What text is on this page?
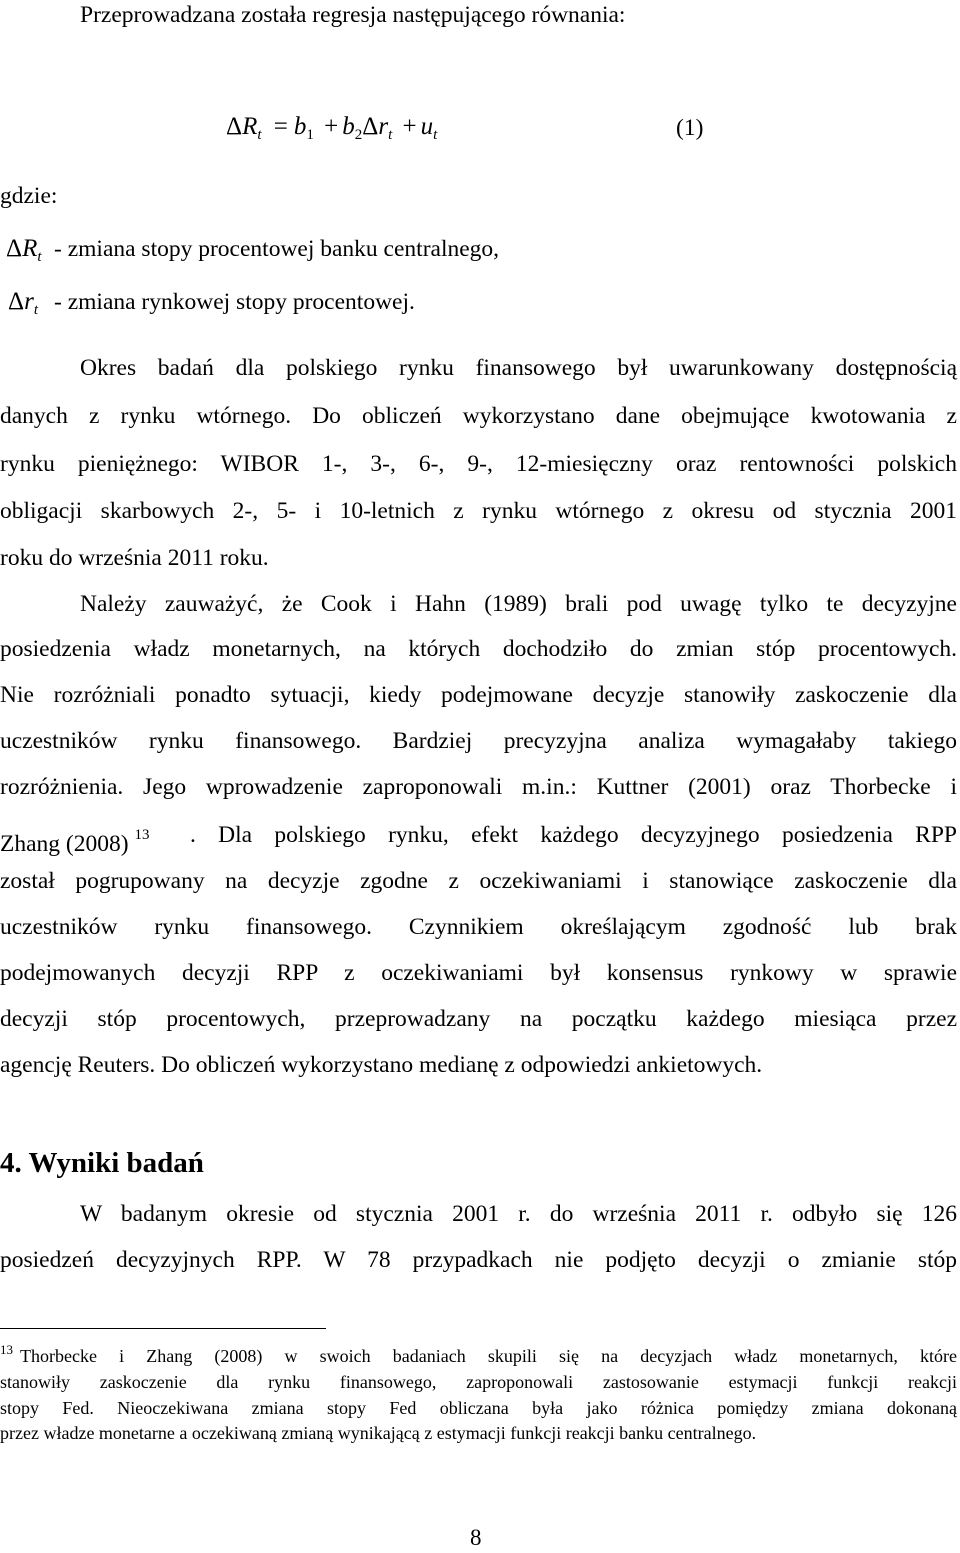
Przeprowadzana została regresja następującego równania:
$\Delta R_t = b_1 + b_2\Delta r_t + u_t$	(1)
gdzie:
$\Delta R_t$ - zmiana stopy procentowej banku centralnego,
$\Delta r_t$ - zmiana rynkowej stopy procentowej.
Okres badań dla polskiego rynku finansowego był uwarunkowany dostępnością
danych z rynku wtórnego. Do obliczeń wykorzystano dane obejmujące kwotowania z
rynku pieniężnego: WIBOR 1-, 3-, 6-, 9-, 12-miesięczny oraz rentowności polskich
obligacji skarbowych 2-, 5- i 10-letnich z rynku wtórnego z okresu od stycznia 2001
roku do września 2011 roku.
Należy zauważyć, że Cook i Hahn (1989) brali pod uwagę tylko te decyzyjne
posiedzenia władz monetarnych, na których dochodziło do zmian stóp procentowych.
Nie rozróżniali ponadto sytuacji, kiedy podejmowane decyzje stanowiły zaskoczenie dla
uczestników rynku finansowego. Bardziej precyzyjna analiza wymagałaby takiego
rozróżnienia. Jego wprowadzenie zaproponowali m.in.: Kuttner (2001) oraz Thorbecke i
Zhang (2008) $^{13}$ . Dla polskiego rynku, efekt każdego decyzyjnego posiedzenia RPP
został pogrupowany na decyzje zgodne z oczekiwaniami i stanowiące zaskoczenie dla
uczestników rynku finansowego. Czynnikiem określającym zgodność lub brak
podejmowanych decyzji RPP z oczekiwaniami był konsensus rynkowy w sprawie
decyzji stóp procentowych, przeprowadzany na początku każdego miesiąca przez
agencję Reuters. Do obliczeń wykorzystano medianę z odpowiedzi ankietowych.
4. Wyniki badań
W badanym okresie od stycznia 2001 r. do września 2011 r. odbyło się 126
posiedzeń decyzyjnych RPP. W 78 przypadkach nie podjęto decyzji o zmianie stóp
$^{13}$ Thorbecke i Zhang (2008) w swoich badaniach skupili się na decyzjach władz monetarnych, które
stanowiły zaskoczenie dla rynku finansowego, zaproponowali zastosowanie estymacji funkcji reakcji
stopy Fed. Nieoczekiwana zmiana stopy Fed obliczana była jako różnica pomiędzy zmiana dokonaną
przez władze monetarne a oczekiwaną zmianą wynikającą z estymacji funkcji reakcji banku centralnego.
8
